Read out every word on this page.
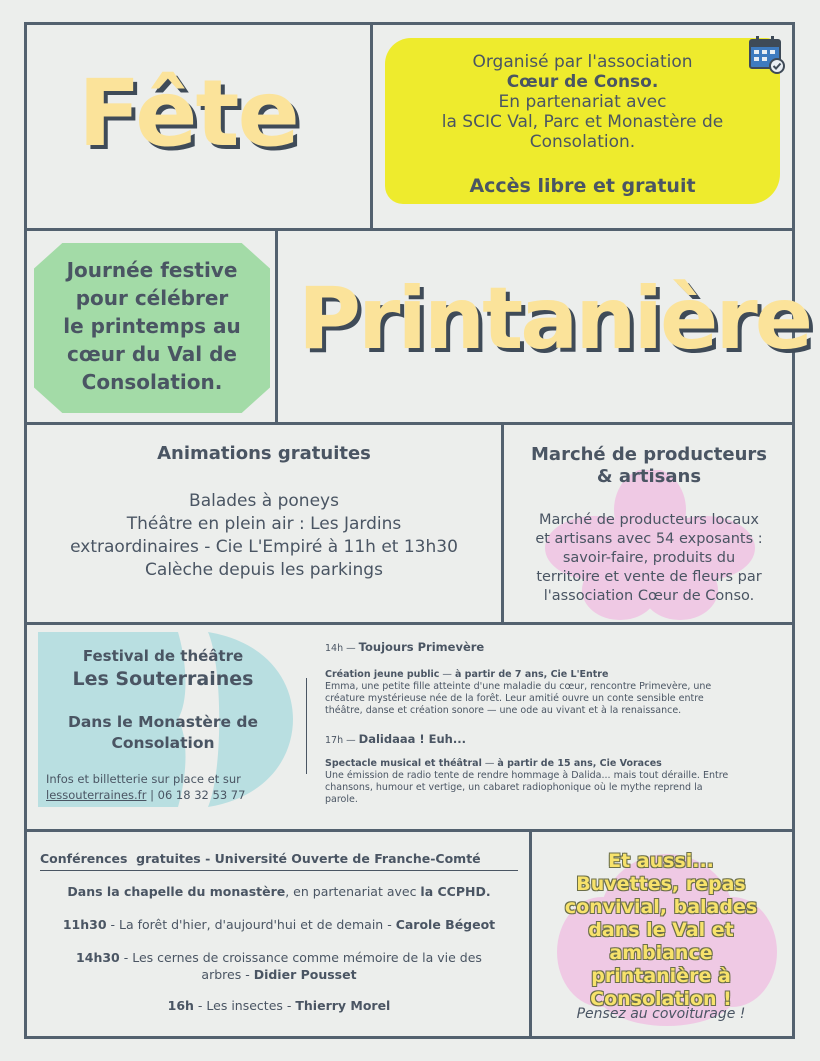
Fête	Organisé par l'association
Cœur de Conso.
En partenariat avec
la SCIC Val, Parc et Monastère de
Consolation.
Accès libre et gratuit
Journée festive
pour célébrer
le printemps au
cœur du Val de
Consolation.
Printanière
Animations gratuites
Balades à poneys
Théâtre en plein air : Les Jardins
extraordinaires - Cie L'Empiré à 11h et 13h30
Calèche depuis les parkings
Marché de producteurs
& artisans
Marché de producteurs locaux
et artisans avec 54 exposants :
savoir-faire, produits du
territoire et vente de fleurs par
l'association Cœur de Conso.
Festival de théâtre
Les Souterraines
Dans le Monastère de
Consolation
Infos et billetterie sur place et sur
lessouterraines.fr | 06 18 32 53 77
14h — Toujours Primevère
Création jeune public — à partir de 7 ans, Cie L'Entre
Emma, une petite fille atteinte d'une maladie du cœur, rencontre Primevère, une
créature mystérieuse née de la forêt. Leur amitié ouvre un conte sensible entre
théâtre, danse et création sonore — une ode au vivant et à la renaissance.
17h — Dalidaaa ! Euh...
Spectacle musical et théâtral — à partir de 15 ans, Cie Voraces
Une émission de radio tente de rendre hommage à Dalida... mais tout déraille. Entre
chansons, humour et vertige, un cabaret radiophonique où le mythe reprend la
parole.
Conférences  gratuites - Université Ouverte de Franche-Comté
Dans la chapelle du monastère, en partenariat avec la CCPHD.
11h30 - La forêt d'hier, d'aujourd'hui et de demain - Carole Bégeot
14h30 - Les cernes de croissance comme mémoire de la vie des arbres - Didier Pousset
16h - Les insectes - Thierry Morel
Et aussi...
Buvettes, repas
convivial, balades
dans le Val et
ambiance
printanière à
Consolation !
Pensez au covoiturage !
